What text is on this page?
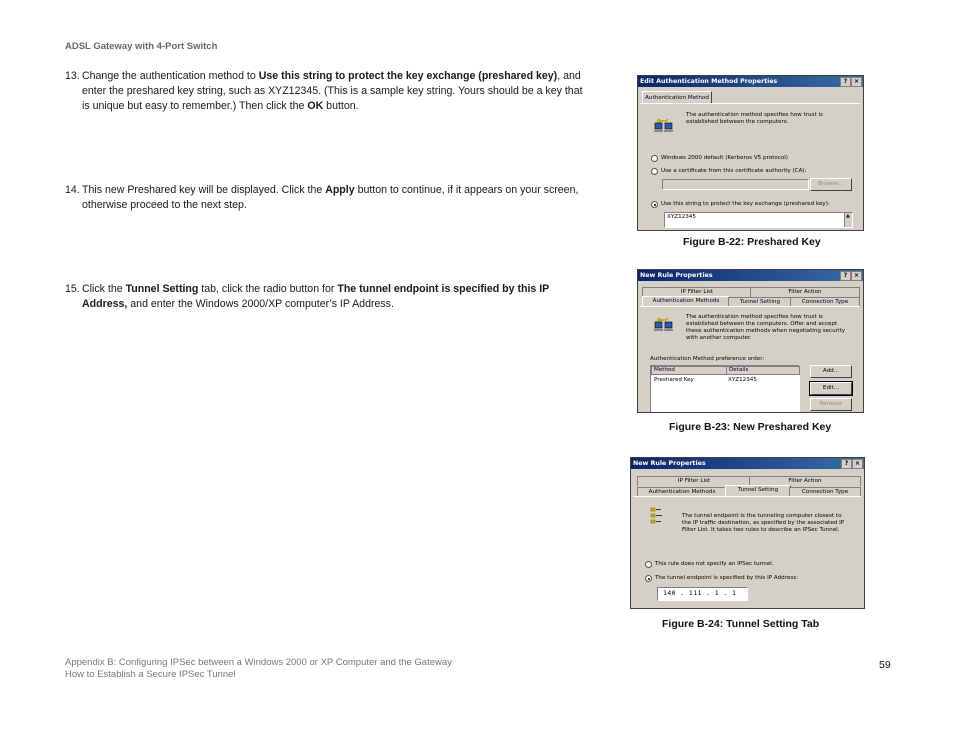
ADSL Gateway with 4-Port Switch
13. Change the authentication method to Use this string to protect the key exchange (preshared key), and enter the preshared key string, such as XYZ12345. (This is a sample key string. Yours should be a key that is unique but easy to remember.) Then click the OK button.
14. This new Preshared key will be displayed. Click the Apply button to continue, if it appears on your screen, otherwise proceed to the next step.
15. Click the Tunnel Setting tab, click the radio button for The tunnel endpoint is specified by this IP Address, and enter the Windows 2000/XP computer’s IP Address.
Edit Authentication Method Properties	?	×
Authentication Method
The authentication method specifies how trust is established between the computers.
Windows 2000 default (Kerberos V5 protocol)
Use a certificate from this certificate authority (CA):
Browse...
Use this string to protect the key exchange (preshared key):
XYZ12345	▲
Figure B-22: Preshared Key
New Rule Properties	?	×
IP Filter List	Filter Action
Authentication Methods	Tunnel Setting	Connection Type
The authentication method specifies how trust is established between the computers. Offer and accept these authentication methods when negotiating security with another computer.
Authentication Method preference order:
Method	Details
Preshared Key	XYZ12345
Add...
Edit...
Remove
Figure B-23: New Preshared Key
New Rule Properties	?	×
IP Filter List	Filter Action
Authentication Methods	Tunnel Setting	Connection Type
The tunnel endpoint is the tunneling computer closest to the IP traffic destination, as specified by the associated IP Filter List. It takes two rules to describe an IPSec Tunnel.
This rule does not specify an IPSec tunnel.
The tunnel endpoint is specified by this IP Address:
140 . 111 . 1 . 1
Figure B-24: Tunnel Setting Tab
Appendix B: Configuring IPSec between a Windows 2000 or XP Computer and the Gateway
How to Establish a Secure IPSec Tunnel
59
